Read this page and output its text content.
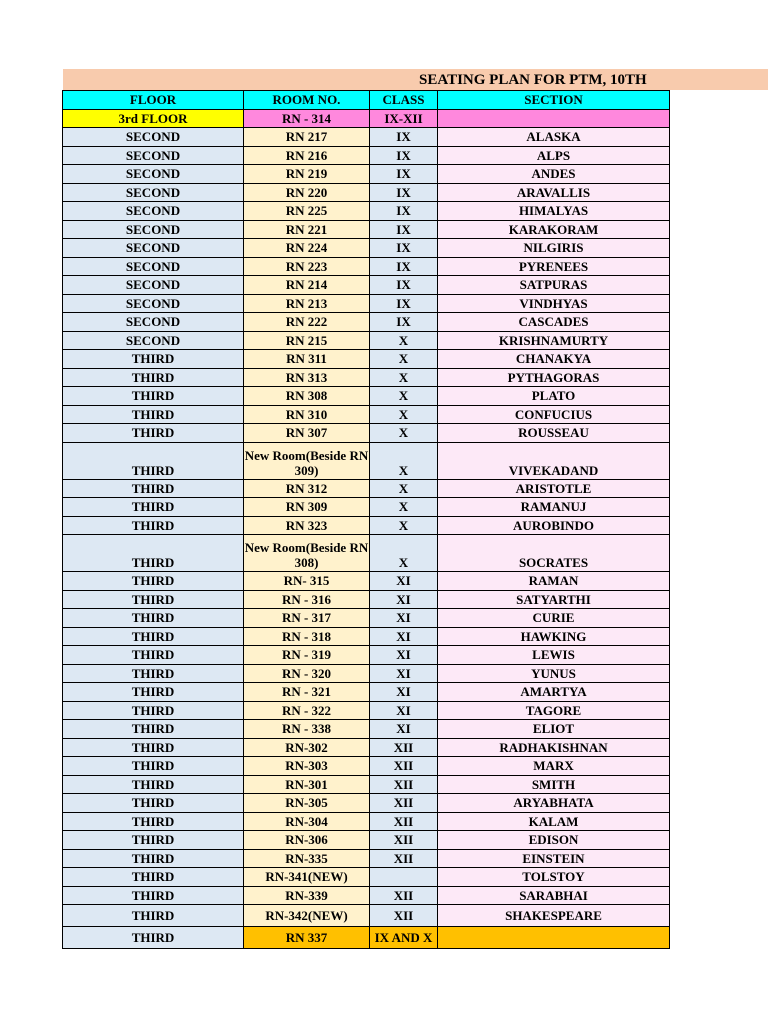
SEATING PLAN FOR PTM, 10TH
FLOOR	ROOM NO.	CLASS	SECTION
3rd FLOOR	RN - 314	IX-XII	
SECOND	RN 217	IX	ALASKA
SECOND	RN 216	IX	ALPS
SECOND	RN 219	IX	ANDES
SECOND	RN 220	IX	ARAVALLIS
SECOND	RN 225	IX	HIMALYAS
SECOND	RN 221	IX	KARAKORAM
SECOND	RN 224	IX	NILGIRIS
SECOND	RN 223	IX	PYRENEES
SECOND	RN 214	IX	SATPURAS
SECOND	RN 213	IX	VINDHYAS
SECOND	RN 222	IX	CASCADES
SECOND	RN 215	X	KRISHNAMURTY
THIRD	RN 311	X	CHANAKYA
THIRD	RN 313	X	PYTHAGORAS
THIRD	RN 308	X	PLATO
THIRD	RN 310	X	CONFUCIUS
THIRD	RN 307	X	ROUSSEAU
THIRD	New Room(Beside RN 309)	X	VIVEKADAND
THIRD	RN 312	X	ARISTOTLE
THIRD	RN 309	X	RAMANUJ
THIRD	RN 323	X	AUROBINDO
THIRD	New Room(Beside RN 308)	X	SOCRATES
THIRD	RN- 315	XI	RAMAN
THIRD	RN - 316	XI	SATYARTHI
THIRD	RN - 317	XI	CURIE
THIRD	RN - 318	XI	HAWKING
THIRD	RN - 319	XI	LEWIS
THIRD	RN - 320	XI	YUNUS
THIRD	RN - 321	XI	AMARTYA
THIRD	RN - 322	XI	TAGORE
THIRD	RN - 338	XI	ELIOT
THIRD	RN-302	XII	RADHAKISHNAN
THIRD	RN-303	XII	MARX
THIRD	RN-301	XII	SMITH
THIRD	RN-305	XII	ARYABHATA
THIRD	RN-304	XII	KALAM
THIRD	RN-306	XII	EDISON
THIRD	RN-335	XII	EINSTEIN
THIRD	RN-341(NEW)		TOLSTOY
THIRD	RN-339	XII	SARABHAI
THIRD	RN-342(NEW)	XII	SHAKESPEARE
THIRD	RN 337	IX AND X	
